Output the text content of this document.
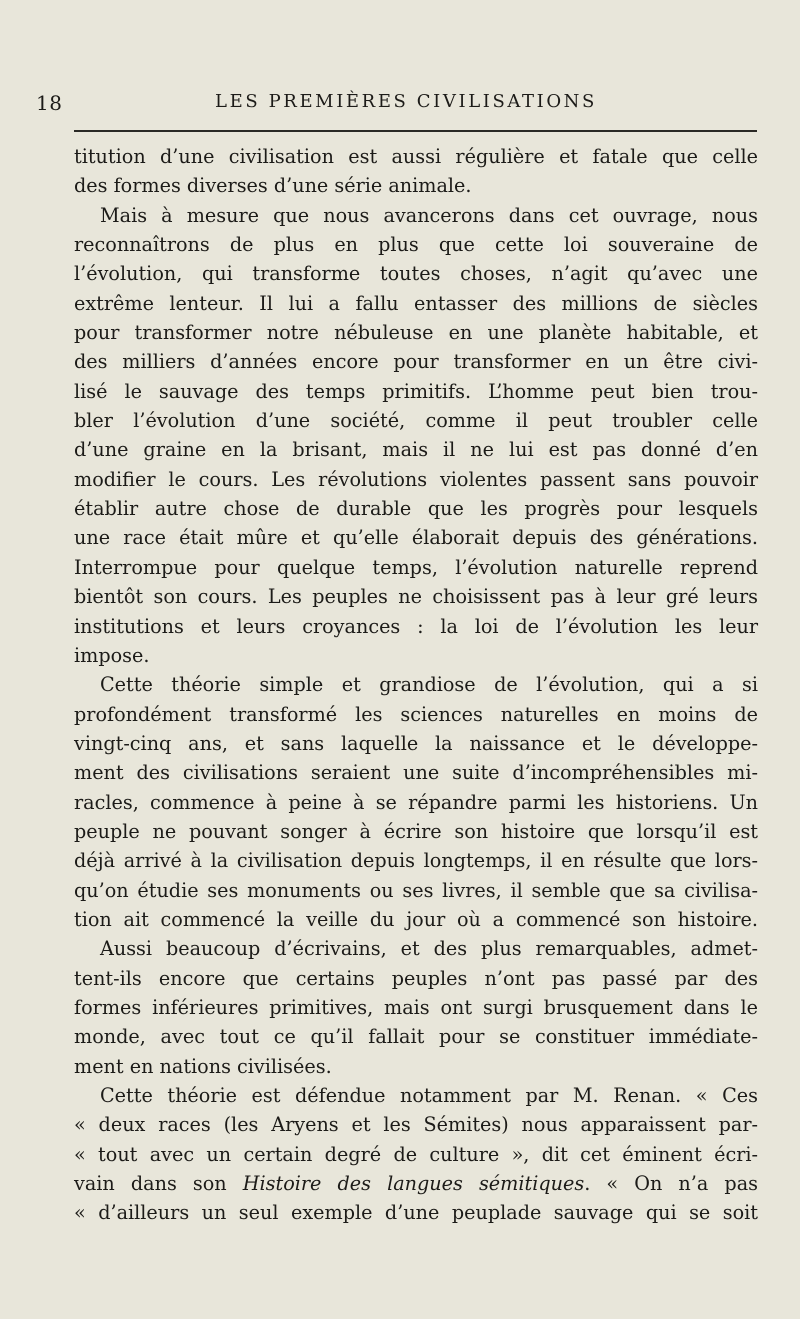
18	LES PREMIÈRES CIVILISATIONS
titution d’une civilisation est aussi régulière et fatale que celle
des formes diverses d’une série animale.
Mais à mesure que nous avancerons dans cet ouvrage, nous
reconnaîtrons de plus en plus que cette loi souveraine de
l’évolution, qui transforme toutes choses, n’agit qu’avec une
extrême lenteur. Il lui a fallu entasser des millions de siècles
pour transformer notre nébuleuse en une planète habitable, et
des milliers d’années encore pour transformer en un être civi-
lisé le sauvage des temps primitifs. L’homme peut bien trou-
bler l’évolution d’une société, comme il peut troubler celle
d’une graine en la brisant, mais il ne lui est pas donné d’en
modifier le cours. Les révolutions violentes passent sans pouvoir
établir autre chose de durable que les progrès pour lesquels
une race était mûre et qu’elle élaborait depuis des générations.
Interrompue pour quelque temps, l’évolution naturelle reprend
bientôt son cours. Les peuples ne choisissent pas à leur gré leurs
institutions et leurs croyances : la loi de l’évolution les leur
impose.
Cette théorie simple et grandiose de l’évolution, qui a si
profondément transformé les sciences naturelles en moins de
vingt-cinq ans, et sans laquelle la naissance et le développe-
ment des civilisations seraient une suite d’incompréhensibles mi-
racles, commence à peine à se répandre parmi les historiens. Un
peuple ne pouvant songer à écrire son histoire que lorsqu’il est
déjà arrivé à la civilisation depuis longtemps, il en résulte que lors-
qu’on étudie ses monuments ou ses livres, il semble que sa civilisa-
tion ait commencé la veille du jour où a commencé son histoire.
Aussi beaucoup d’écrivains, et des plus remarquables, admet-
tent-ils encore que certains peuples n’ont pas passé par des
formes inférieures primitives, mais ont surgi brusquement dans le
monde, avec tout ce qu’il fallait pour se constituer immédiate-
ment en nations civilisées.
Cette théorie est défendue notamment par M. Renan. « Ces
« deux races (les Aryens et les Sémites) nous apparaissent par-
« tout avec un certain degré de culture », dit cet éminent écri-
vain dans son Histoire des langues sémitiques. « On n’a pas
« d’ailleurs un seul exemple d’une peuplade sauvage qui se soit
